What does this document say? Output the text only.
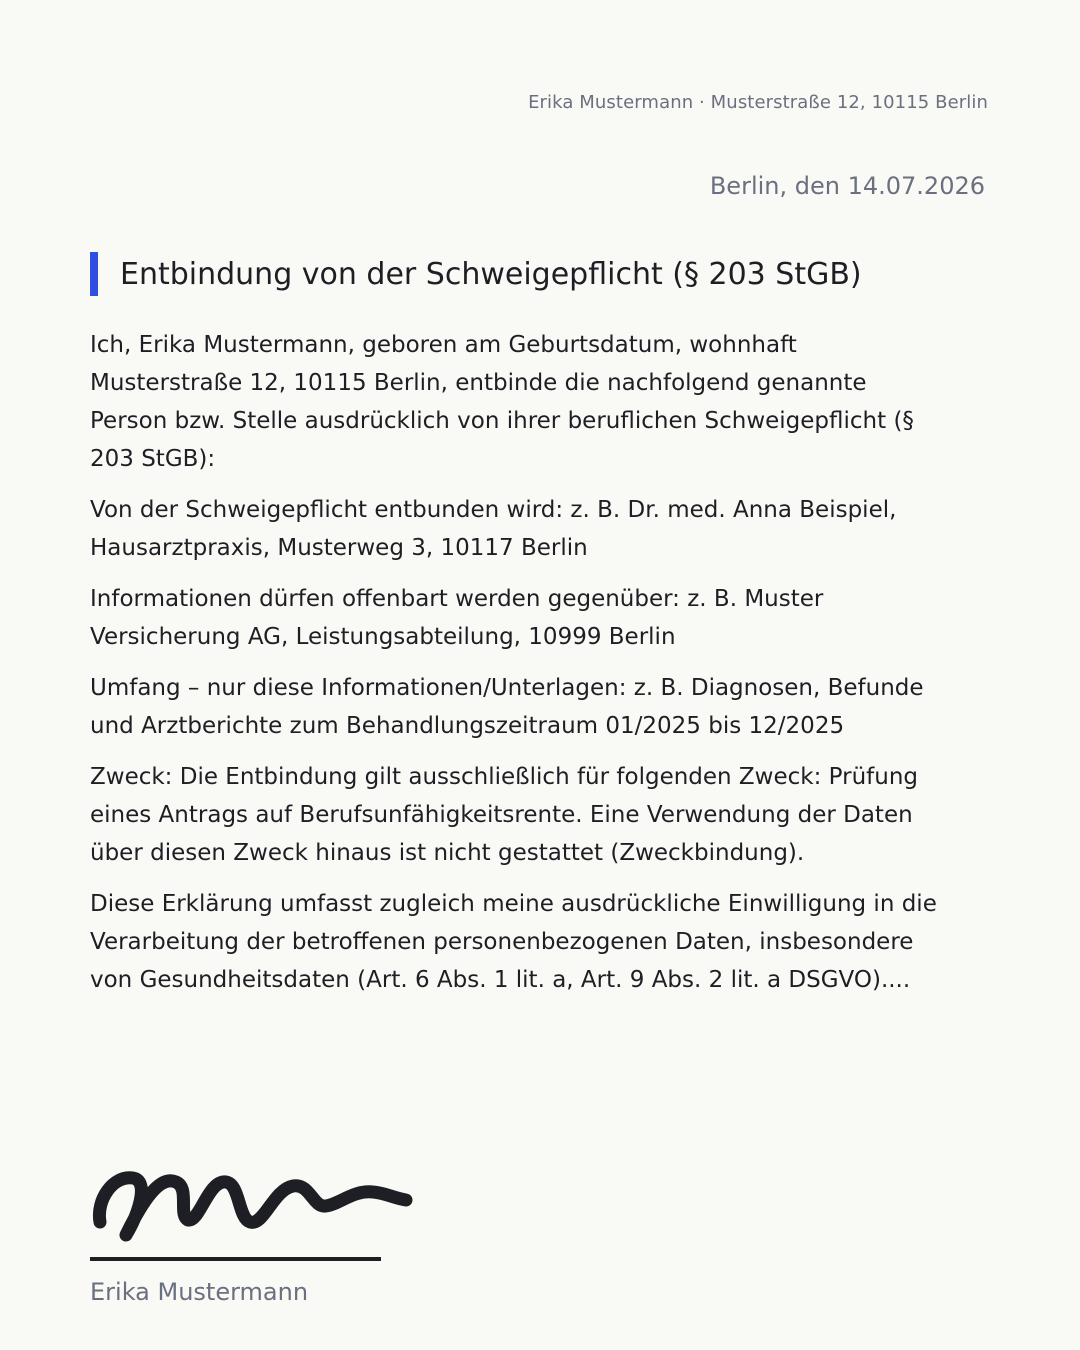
Erika Mustermann · Musterstraße 12, 10115 Berlin
Berlin, den 14.07.2026
Entbindung von der Schweigepflicht (§ 203 StGB)

Ich, Erika Mustermann, geboren am Geburtsdatum, wohnhaft Musterstraße 12, 10115 Berlin, entbinde die nachfolgend genannte Person bzw. Stelle ausdrücklich von ihrer beruflichen Schweigepflicht (§ 203 StGB):

Von der Schweigepflicht entbunden wird: z. B. Dr. med. Anna Beispiel, Hausarztpraxis, Musterweg 3, 10117 Berlin

Informationen dürfen offenbart werden gegenüber: z. B. Muster Versicherung AG, Leistungsabteilung, 10999 Berlin

Umfang – nur diese Informationen/Unterlagen: z. B. Diagnosen, Befunde und Arztberichte zum Behandlungszeitraum 01/2025 bis 12/2025

Zweck: Die Entbindung gilt ausschließlich für folgenden Zweck: Prüfung eines Antrags auf Berufsunfähigkeitsrente. Eine Verwendung der Daten über diesen Zweck hinaus ist nicht gestattet (Zweckbindung).

Diese Erklärung umfasst zugleich meine ausdrückliche Einwilligung in die Verarbeitung der betroffenen personenbezogenen Daten, insbesondere von Gesundheitsdaten (Art. 6 Abs. 1 lit. a, Art. 9 Abs. 2 lit. a DSGVO)....

Erika Mustermann
